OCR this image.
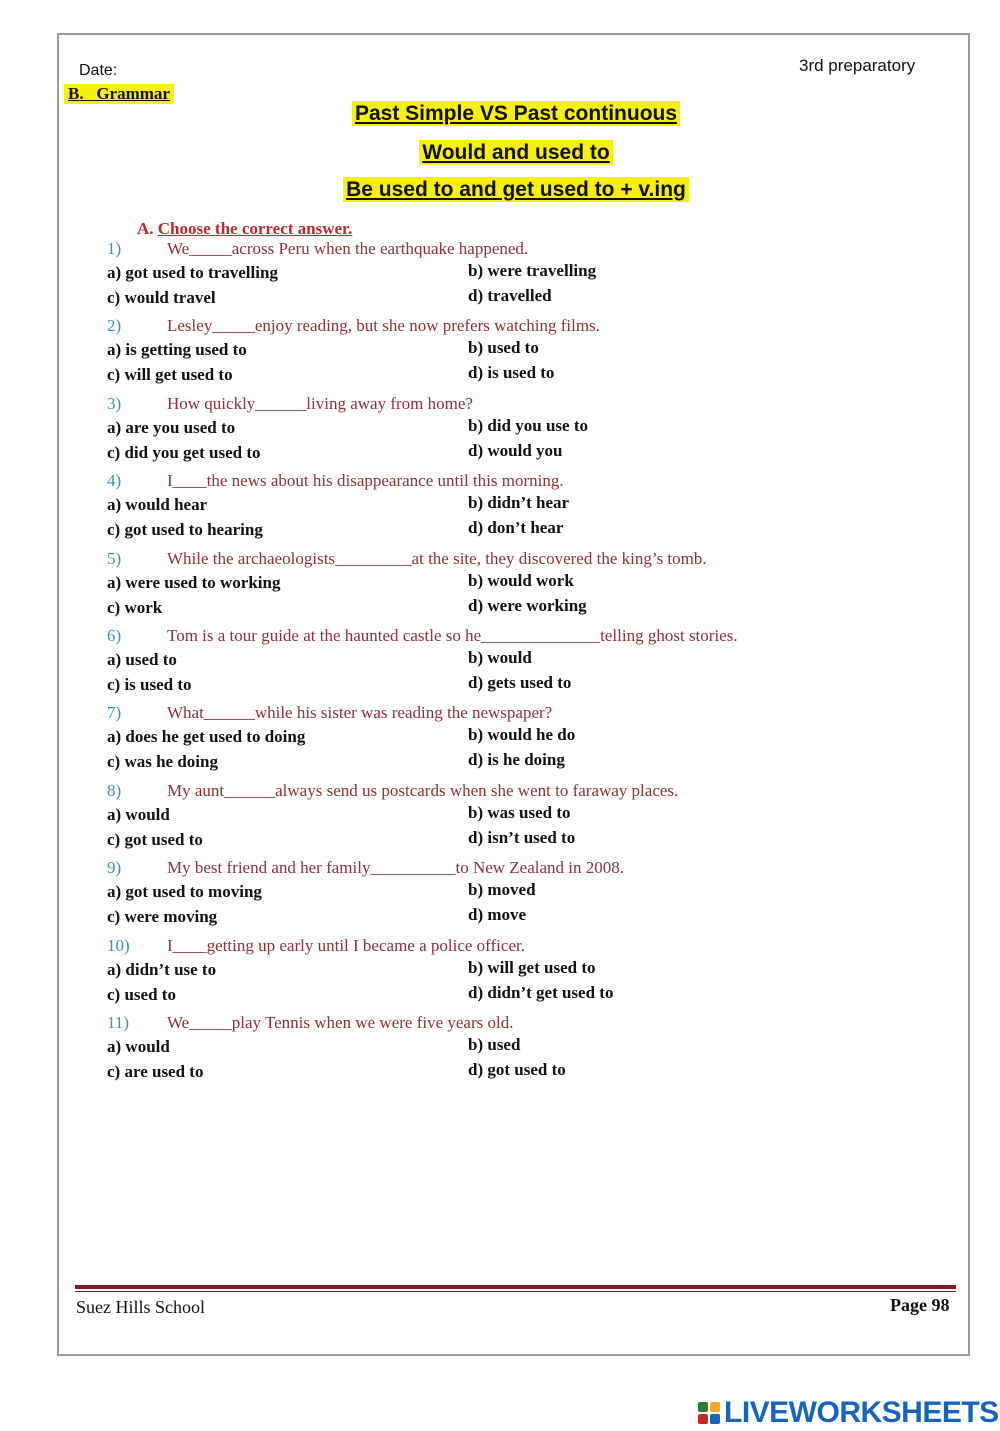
Date:	3rd preparatory
B.   Grammar
Past Simple VS Past continuous
Would and used to
Be used to and get used to + v.ing
A. Choose the correct answer.
1)	We_____across Peru when the earthquake happened.
a) got used to travelling	b) were travelling
c) would travel	d) travelled
2)	Lesley_____enjoy reading, but she now prefers watching films.
a) is getting used to	b) used to
c) will get used to	d) is used to
3)	How quickly______living away from home?
a) are you used to	b) did you use to
c) did you get used to	d) would you
4)	I____the news about his disappearance until this morning.
a) would hear	b) didn’t hear
c) got used to hearing	d) don’t hear
5)	While the archaeologists_________at the site, they discovered the king’s tomb.
a) were used to working	b) would work
c) work	d) were working
6)	Tom is a tour guide at the haunted castle so he______________telling ghost stories.
a) used to	b) would
c) is used to	d) gets used to
7)	What______while his sister was reading the newspaper?
a) does he get used to doing	b) would he do
c) was he doing	d) is he doing
8)	My aunt______always send us postcards when she went to faraway places.
a) would	b) was used to
c) got used to	d) isn’t used to
9)	My best friend and her family__________to New Zealand in 2008.
a) got used to moving	b) moved
c) were moving	d) move
10)	I____getting up early until I became a police officer.
a) didn’t use to	b) will get used to
c) used to	d) didn’t get used to
11)	We_____play Tennis when we were five years old.
a) would	b) used
c) are used to	d) got used to
Suez Hills School	Page 98
LIVEWORKSHEETS
